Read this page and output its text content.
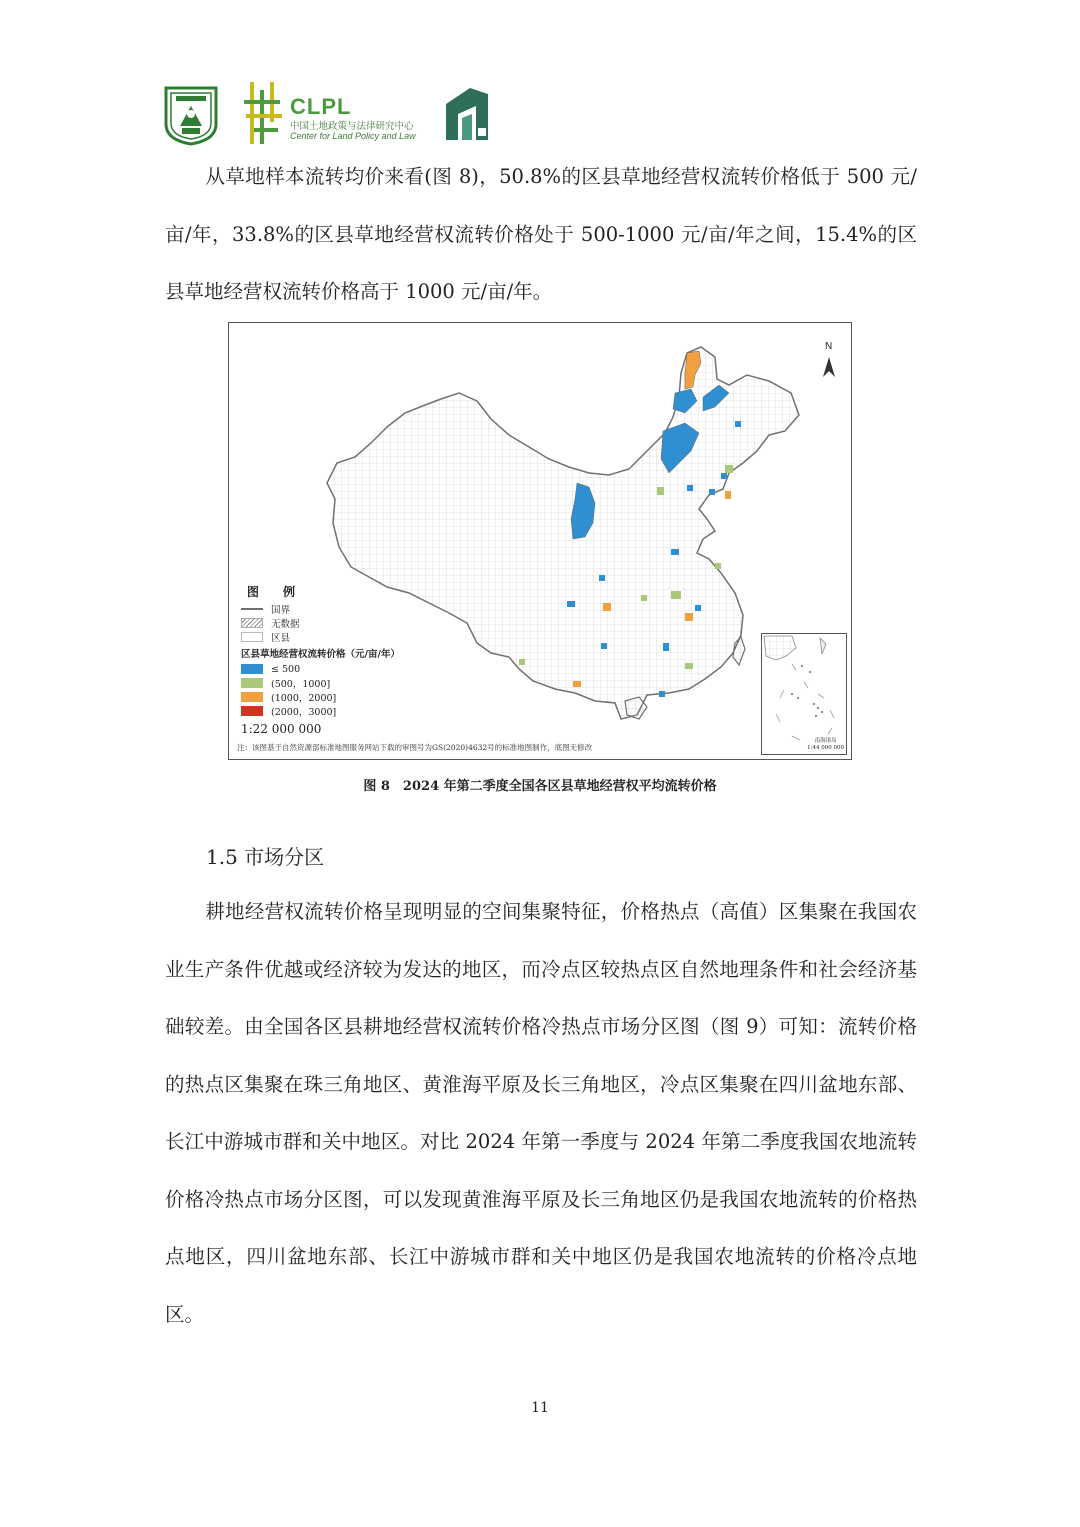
CLPL
中国土地政策与法律研究中心
Center for Land Policy and Law

从草地样本流转均价来看(图 8)，50.8%的区县草地经营权流转价格低于 500 元/亩/年，33.8%的区县草地经营权流转价格处于 500-1000 元/亩/年之间，15.4%的区县草地经营权流转价格高于 1000 元/亩/年。

N
图　例
国界
无数据
区县
区县草地经营权流转价格（元/亩/年）
≤ 500
(500，1000]
(1000，2000]
(2000，3000]
1:22 000 000
注：该图基于自然资源部标准地图服务网站下载的审图号为GS(2020)4632号的标准地图制作，底图无修改
南海诸岛
1:44 000 000
图 8　2024 年第二季度全国各区县草地经营权平均流转价格
1.5 市场分区

耕地经营权流转价格呈现明显的空间集聚特征，价格热点（高值）区集聚在我国农业生产条件优越或经济较为发达的地区，而冷点区较热点区自然地理条件和社会经济基础较差。由全国各区县耕地经营权流转价格冷热点市场分区图（图 9）可知：流转价格的热点区集聚在珠三角地区、黄淮海平原及长三角地区，冷点区集聚在四川盆地东部、长江中游城市群和关中地区。对比 2024 年第一季度与 2024 年第二季度我国农地流转价格冷热点市场分区图，可以发现黄淮海平原及长三角地区仍是我国农地流转的价格热点地区，四川盆地东部、长江中游城市群和关中地区仍是我国农地流转的价格冷点地区。

11
